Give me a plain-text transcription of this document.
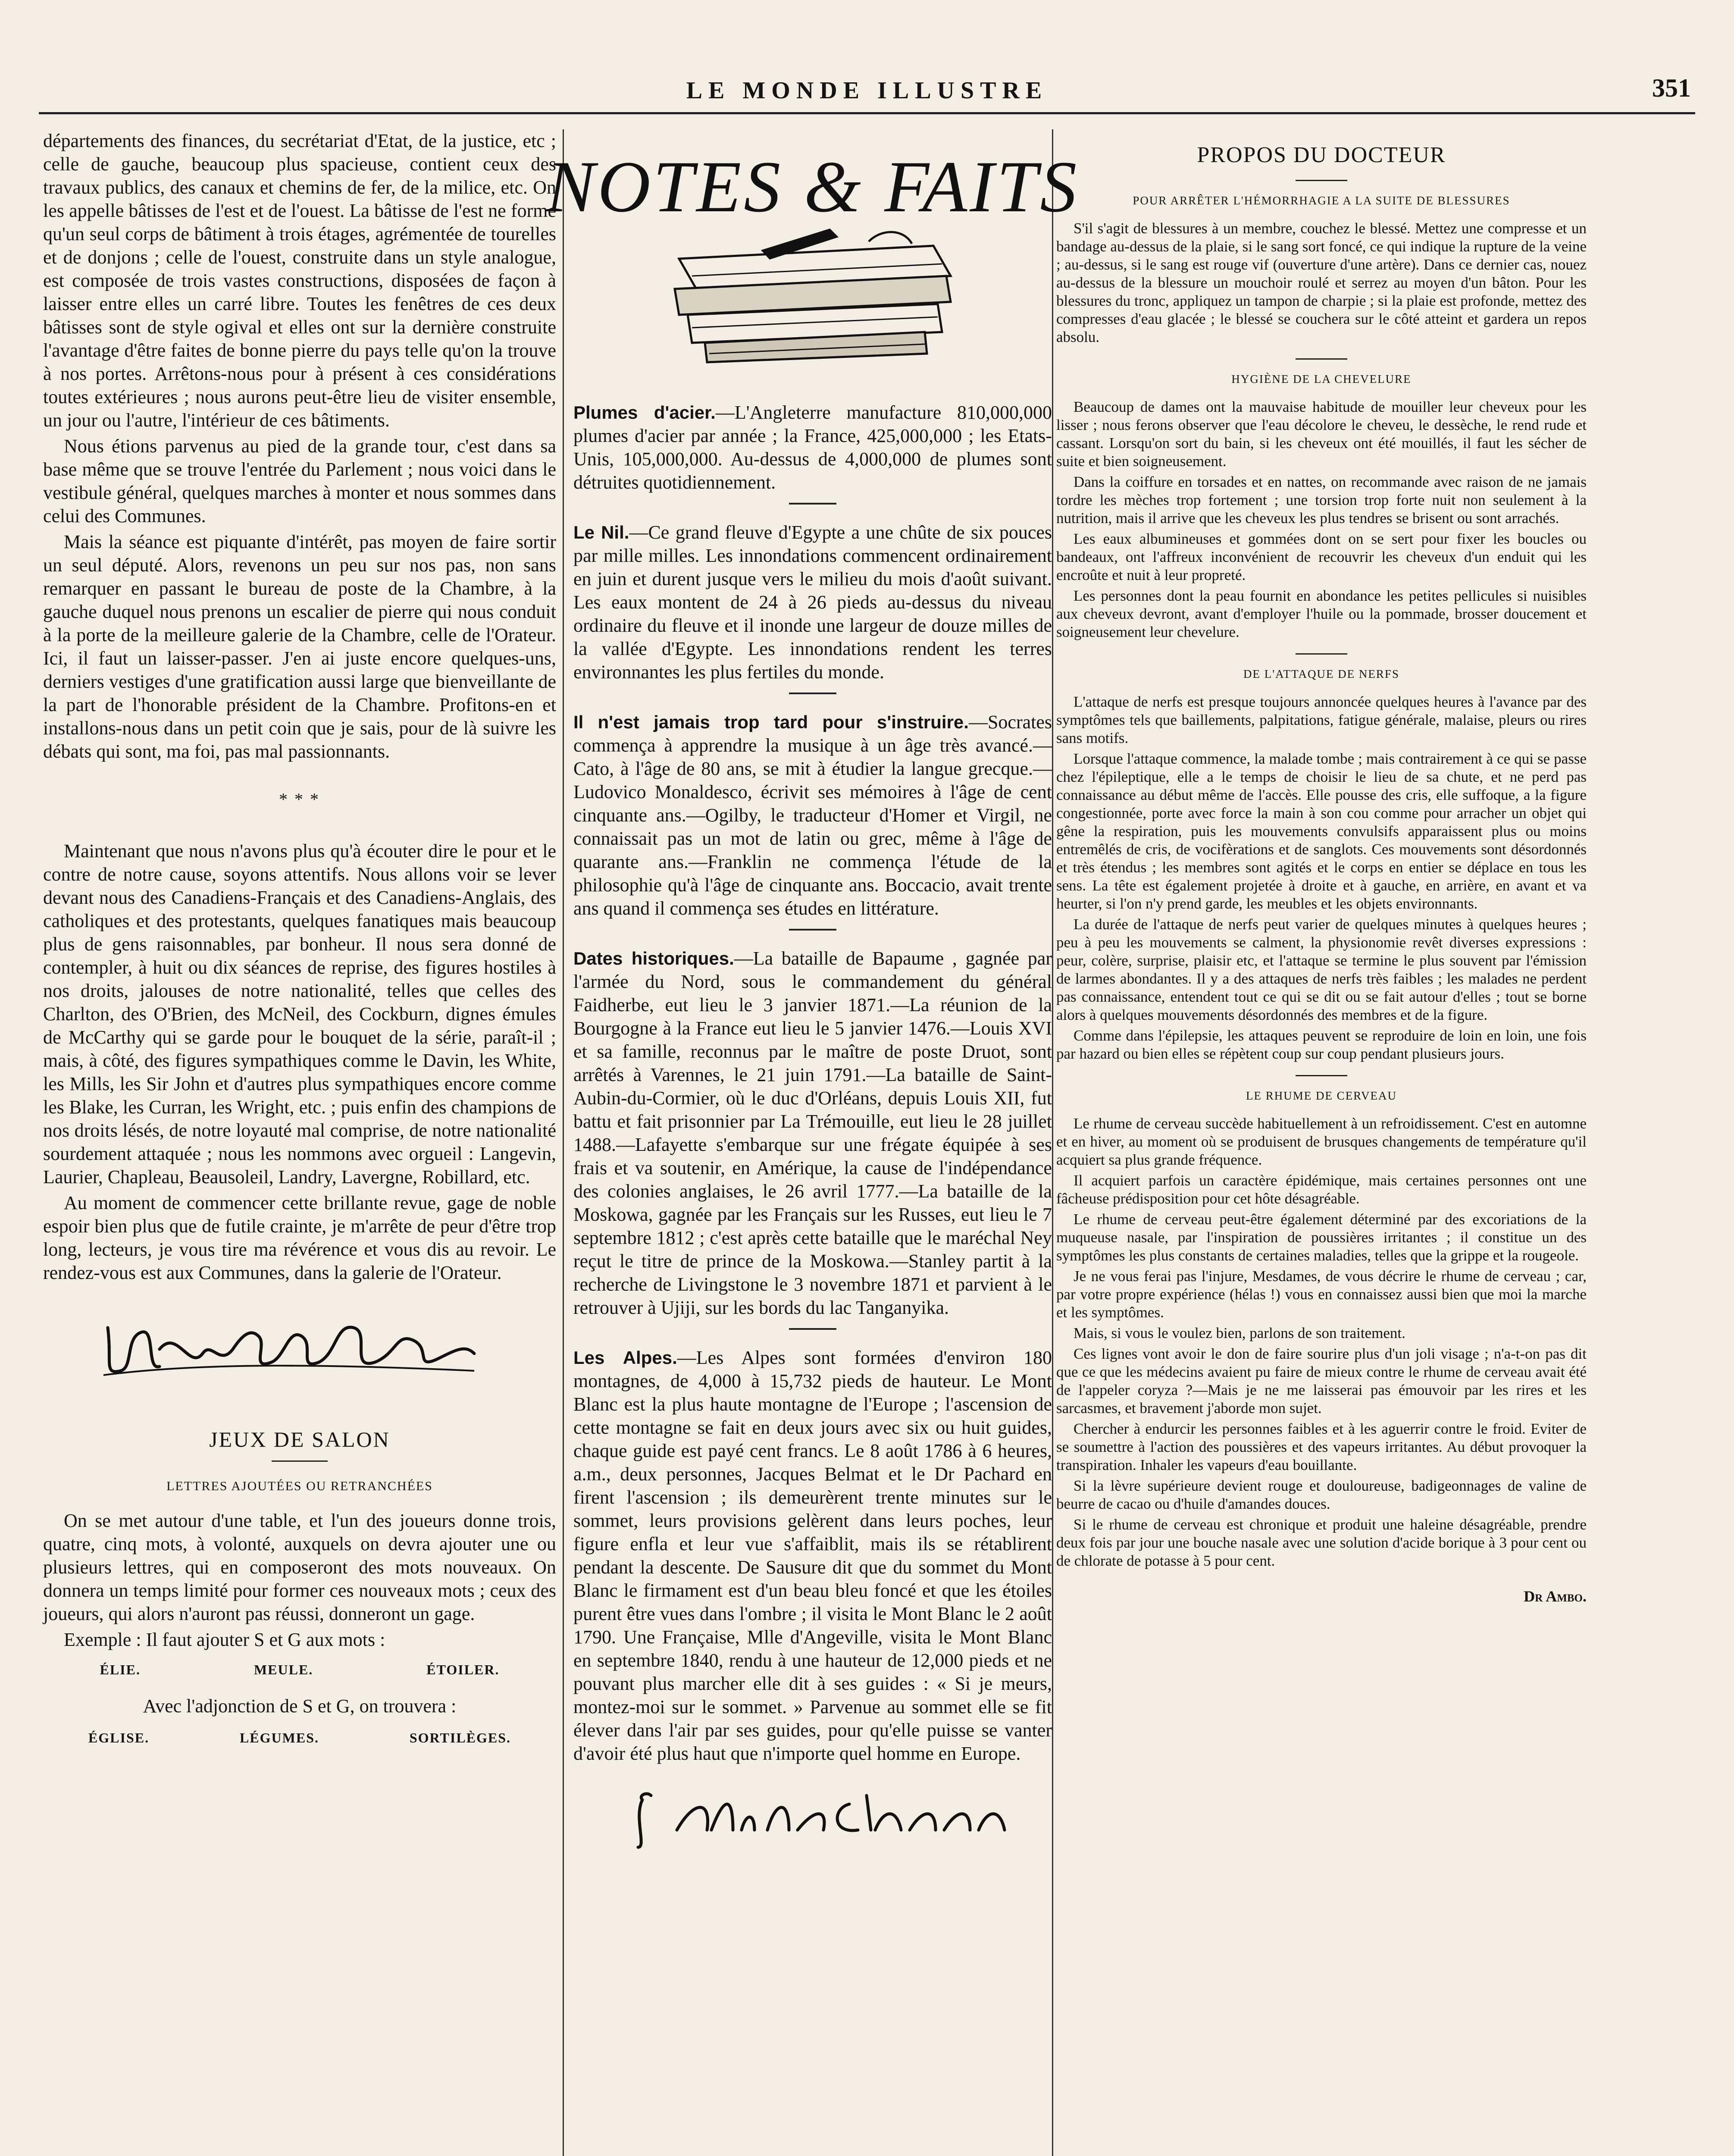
LE MONDE ILLUSTRE	351

départements des finances, du secrétariat d'Etat, de la justice, etc ; celle de gauche, beaucoup plus spacieuse, contient ceux des travaux publics, des canaux et chemins de fer, de la milice, etc. On les appelle bâtisses de l'est et de l'ouest. La bâtisse de l'est ne forme qu'un seul corps de bâtiment à trois étages, agrémentée de tourelles et de donjons ; celle de l'ouest, construite dans un style analogue, est composée de trois vastes constructions, disposées de façon à laisser entre elles un carré libre. Toutes les fenêtres de ces deux bâtisses sont de style ogival et elles ont sur la dernière construite l'avantage d'être faites de bonne pierre du pays telle qu'on la trouve à nos portes. Arrêtons-nous pour à présent à ces considérations toutes extérieures ; nous aurons peut-être lieu de visiter ensemble, un jour ou l'autre, l'intérieur de ces bâtiments.

Nous étions parvenus au pied de la grande tour, c'est dans sa base même que se trouve l'entrée du Parlement ; nous voici dans le vestibule général, quelques marches à monter et nous sommes dans celui des Communes.

Mais la séance est piquante d'intérêt, pas moyen de faire sortir un seul député. Alors, revenons un peu sur nos pas, non sans remarquer en passant le bureau de poste de la Chambre, à la gauche duquel nous prenons un escalier de pierre qui nous conduit à la porte de la meilleure galerie de la Chambre, celle de l'Orateur. Ici, il faut un laisser-passer. J'en ai juste encore quelques-uns, derniers vestiges d'une gratification aussi large que bienveillante de la part de l'honorable président de la Chambre. Profitons-en et installons-nous dans un petit coin que je sais, pour de là suivre les débats qui sont, ma foi, pas mal passionnants.

* * *

Maintenant que nous n'avons plus qu'à écouter dire le pour et le contre de notre cause, soyons attentifs. Nous allons voir se lever devant nous des Canadiens-Français et des Canadiens-Anglais, des catholiques et des protestants, quelques fanatiques mais beaucoup plus de gens raisonnables, par bonheur. Il nous sera donné de contempler, à huit ou dix séances de reprise, des figures hostiles à nos droits, jalouses de notre nationalité, telles que celles des Charlton, des O'Brien, des McNeil, des Cockburn, dignes émules de McCarthy qui se garde pour le bouquet de la série, paraît-il ; mais, à côté, des figures sympathiques comme le Davin, les White, les Mills, les Sir John et d'autres plus sympathiques encore comme les Blake, les Curran, les Wright, etc. ; puis enfin des champions de nos droits lésés, de notre loyauté mal comprise, de notre nationalité sourdement attaquée ; nous les nommons avec orgueil : Langevin, Laurier, Chapleau, Beausoleil, Landry, Lavergne, Robillard, etc.

Au moment de commencer cette brillante revue, gage de noble espoir bien plus que de futile crainte, je m'arrête de peur d'être trop long, lecteurs, je vous tire ma révérence et vous dis au revoir. Le rendez-vous est aux Communes, dans la galerie de l'Orateur.

JEUX DE SALON
LETTRES AJOUTÉES OU RETRANCHÉES

On se met autour d'une table, et l'un des joueurs donne trois, quatre, cinq mots, à volonté, auxquels on devra ajouter une ou plusieurs lettres, qui en composeront des mots nouveaux. On donnera un temps limité pour former ces nouveaux mots ; ceux des joueurs, qui alors n'auront pas réussi, donneront un gage.

Exemple : Il faut ajouter S et G aux mots :

ÉLIE.	MEULE.	ÉTOILER.
Avec l'adjonction de S et G, on trouvera :
ÉGLISE.	LÉGUMES.	SORTILÈGES.
NOTES & FAITS
Plumes d'acier.—L'Angleterre manufacture 810,000,000 plumes d'acier par année ; la France, 425,000,000 ; les Etats-Unis, 105,000,000. Au-dessus de 4,000,000 de plumes sont détruites quotidiennement.
Le Nil.—Ce grand fleuve d'Egypte a une chûte de six pouces par mille milles. Les innondations commencent ordinairement en juin et durent jusque vers le milieu du mois d'août suivant. Les eaux montent de 24 à 26 pieds au-dessus du niveau ordinaire du fleuve et il inonde une largeur de douze milles de la vallée d'Egypte. Les innondations rendent les terres environnantes les plus fertiles du monde.
Il n'est jamais trop tard pour s'instruire.—Socrates commença à apprendre la musique à un âge très avancé.—Cato, à l'âge de 80 ans, se mit à étudier la langue grecque.—Ludovico Monaldesco, écrivit ses mémoires à l'âge de cent cinquante ans.—Ogilby, le traducteur d'Homer et Virgil, ne connaissait pas un mot de latin ou grec, même à l'âge de quarante ans.—Franklin ne commença l'étude de la philosophie qu'à l'âge de cinquante ans. Boccacio, avait trente ans quand il commença ses études en littérature.
Dates historiques.—La bataille de Bapaume , gagnée par l'armée du Nord, sous le commandement du général Faidherbe, eut lieu le 3 janvier 1871.—La réunion de la Bourgogne à la France eut lieu le 5 janvier 1476.—Louis XVI et sa famille, reconnus par le maître de poste Druot, sont arrêtés à Varennes, le 21 juin 1791.—La bataille de Saint-Aubin-du-Cormier, où le duc d'Orléans, depuis Louis XII, fut battu et fait prisonnier par La Trémouille, eut lieu le 28 juillet 1488.—Lafayette s'embarque sur une frégate équipée à ses frais et va soutenir, en Amérique, la cause de l'indépendance des colonies anglaises, le 26 avril 1777.—La bataille de la Moskowa, gagnée par les Français sur les Russes, eut lieu le 7 septembre 1812 ; c'est après cette bataille que le maréchal Ney reçut le titre de prince de la Moskowa.—Stanley partit à la recherche de Livingstone le 3 novembre 1871 et parvient à le retrouver à Ujiji, sur les bords du lac Tanganyika.
Les Alpes.—Les Alpes sont formées d'environ 180 montagnes, de 4,000 à 15,732 pieds de hauteur. Le Mont Blanc est la plus haute montagne de l'Europe ; l'ascension de cette montagne se fait en deux jours avec six ou huit guides, chaque guide est payé cent francs. Le 8 août 1786 à 6 heures, a.m., deux personnes, Jacques Belmat et le Dr Pachard en firent l'ascension ; ils demeurèrent trente minutes sur le sommet, leurs provisions gelèrent dans leurs poches, leur figure enfla et leur vue s'affaiblit, mais ils se rétablirent pendant la descente. De Sausure dit que du sommet du Mont Blanc le firmament est d'un beau bleu foncé et que les étoiles purent être vues dans l'ombre ; il visita le Mont Blanc le 2 août 1790. Une Française, Mlle d'Angeville, visita le Mont Blanc en septembre 1840, rendu à une hauteur de 12,000 pieds et ne pouvant plus marcher elle dit à ses guides : « Si je meurs, montez-moi sur le sommet. » Parvenue au sommet elle se fit élever dans l'air par ses guides, pour qu'elle puisse se vanter d'avoir été plus haut que n'importe quel homme en Europe.
PROPOS DU DOCTEUR
POUR ARRÊTER L'HÉMORRHAGIE A LA SUITE DE BLESSURES

S'il s'agit de blessures à un membre, couchez le blessé. Mettez une compresse et un bandage au-dessus de la plaie, si le sang sort foncé, ce qui indique la rupture de la veine ; au-dessus, si le sang est rouge vif (ouverture d'une artère). Dans ce dernier cas, nouez au-dessus de la blessure un mouchoir roulé et serrez au moyen d'un bâton. Pour les blessures du tronc, appliquez un tampon de charpie ; si la plaie est profonde, mettez des compresses d'eau glacée ; le blessé se couchera sur le côté atteint et gardera un repos absolu.

HYGIÈNE DE LA CHEVELURE

Beaucoup de dames ont la mauvaise habitude de mouiller leur cheveux pour les lisser ; nous ferons observer que l'eau décolore le cheveu, le dessèche, le rend rude et cassant. Lorsqu'on sort du bain, si les cheveux ont été mouillés, il faut les sécher de suite et bien soigneusement.

Dans la coiffure en torsades et en nattes, on recommande avec raison de ne jamais tordre les mèches trop fortement ; une torsion trop forte nuit non seulement à la nutrition, mais il arrive que les cheveux les plus tendres se brisent ou sont arrachés.

Les eaux albumineuses et gommées dont on se sert pour fixer les boucles ou bandeaux, ont l'affreux inconvénient de recouvrir les cheveux d'un enduit qui les encroûte et nuit à leur propreté.

Les personnes dont la peau fournit en abondance les petites pellicules si nuisibles aux cheveux devront, avant d'employer l'huile ou la pommade, brosser doucement et soigneusement leur chevelure.

DE L'ATTAQUE DE NERFS

L'attaque de nerfs est presque toujours annoncée quelques heures à l'avance par des symptômes tels que baillements, palpitations, fatigue générale, malaise, pleurs ou rires sans motifs.

Lorsque l'attaque commence, la malade tombe ; mais contrairement à ce qui se passe chez l'épileptique, elle a le temps de choisir le lieu de sa chute, et ne perd pas connaissance au début même de l'accès. Elle pousse des cris, elle suffoque, a la figure congestionnée, porte avec force la main à son cou comme pour arracher un objet qui gêne la respiration, puis les mouvements convulsifs apparaissent plus ou moins entremêlés de cris, de vocifèrations et de sanglots. Ces mouvements sont désordonnés et très étendus ; les membres sont agités et le corps en entier se déplace en tous les sens. La tête est également projetée à droite et à gauche, en arrière, en avant et va heurter, si l'on n'y prend garde, les meubles et les objets environnants.

La durée de l'attaque de nerfs peut varier de quelques minutes à quelques heures ; peu à peu les mouvements se calment, la physionomie revêt diverses expressions : peur, colère, surprise, plaisir etc, et l'attaque se termine le plus souvent par l'émission de larmes abondantes. Il y a des attaques de nerfs très faibles ; les malades ne perdent pas connaissance, entendent tout ce qui se dit ou se fait autour d'elles ; tout se borne alors à quelques mouvements désordonnés des membres et de la figure.

Comme dans l'épilepsie, les attaques peuvent se reproduire de loin en loin, une fois par hazard ou bien elles se répètent coup sur coup pendant plusieurs jours.

LE RHUME DE CERVEAU

Le rhume de cerveau succède habituellement à un refroidissement. C'est en automne et en hiver, au moment où se produisent de brusques changements de température qu'il acquiert sa plus grande fréquence.

Il acquiert parfois un caractère épidémique, mais certaines personnes ont une fâcheuse prédisposition pour cet hôte désagréable.

Le rhume de cerveau peut-être également déterminé par des excoriations de la muqueuse nasale, par l'inspiration de poussières irritantes ; il constitue un des symptômes les plus constants de certaines maladies, telles que la grippe et la rougeole.

Je ne vous ferai pas l'injure, Mesdames, de vous décrire le rhume de cerveau ; car, par votre propre expérience (hélas !) vous en connaissez aussi bien que moi la marche et les symptômes.

Mais, si vous le voulez bien, parlons de son traitement.

Ces lignes vont avoir le don de faire sourire plus d'un joli visage ; n'a-t-on pas dit que ce que les médecins avaient pu faire de mieux contre le rhume de cerveau avait été de l'appeler coryza ?—Mais je ne me laisserai pas émouvoir par les rires et les sarcasmes, et bravement j'aborde mon sujet.

Chercher à endurcir les personnes faibles et à les aguerrir contre le froid. Eviter de se soumettre à l'action des poussières et des vapeurs irritantes. Au début provoquer la transpiration. Inhaler les vapeurs d'eau bouillante.

Si la lèvre supérieure devient rouge et douloureuse, badigeonnages de valine de beurre de cacao ou d'huile d'amandes douces.

Si le rhume de cerveau est chronique et produit une haleine désagréable, prendre deux fois par jour une bouche nasale avec une solution d'acide borique à 3 pour cent ou de chlorate de potasse à 5 pour cent.

Dr Ambo.
